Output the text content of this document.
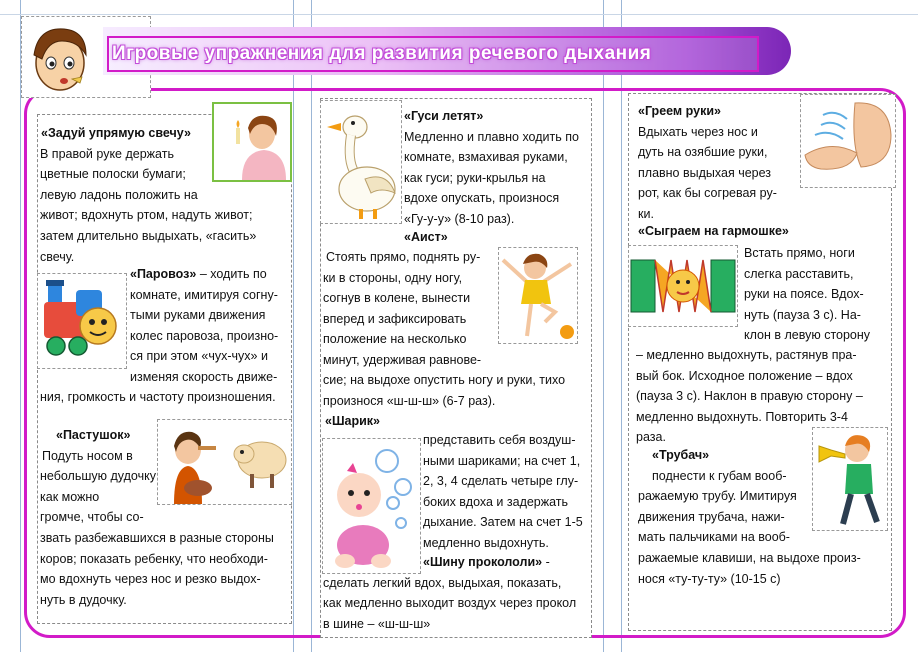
Игровые упражнения для развития речевого дыхания
«Задуй упрямую свечу»
В правой руке держать
цветные полоски бумаги;
левую ладонь положить на
живот; вдохнуть ртом, надуть живот;
затем длительно выдыхать, «гасить»
свечу.
«Паровоз» – ходить по
комнате, имитируя согну-
тыми руками движения
колес паровоза, произно-
ся при этом «чух-чух» и
изменяя скорость движе-
ния, громкость и частоту произношения.
«Пастушок»
Подуть носом в
небольшую дудочку
как можно
громче, чтобы со-
звать разбежавшихся в разные стороны
коров; показать ребенку, что необходи-
мо вдохнуть через нос и резко выдох-
нуть в дудочку.
«Гуси летят»
Медленно и плавно ходить по
комнате, взмахивая руками,
как гуси; руки-крылья на
вдохе опускать, произнося
«Гу-у-у» (8-10 раз).
«Аист»
Стоять прямо, поднять ру-
ки в стороны, одну ногу,
согнув в колене, вынести
вперед и зафиксировать
положение на несколько
минут, удерживая равнове-
сие; на выдохе опустить ногу и руки, тихо
произнося «ш-ш-ш» (6-7 раз).
«Шарик»
представить себя воздуш-
ными шариками; на счет 1,
2, 3, 4 сделать четыре глу-
боких вдоха и задержать
дыхание. Затем на счет 1-5
медленно выдохнуть.
«Шину прокололи» -
сделать легкий вдох, выдыхая, показать,
как медленно выходит воздух через прокол
в шине – «ш-ш-ш»
«Греем руки»
Вдыхать через нос и
дуть на озябшие руки,
плавно выдыхая через
рот, как бы согревая ру-
ки.
«Сыграем на гармошке»
Встать прямо, ноги
слегка расставить,
руки на поясе. Вдох-
нуть (пауза 3 с). На-
клон в левую сторону
– медленно выдохнуть, растянув пра-
вый бок. Исходное положение – вдох
(пауза 3 с). Наклон в правую сторону –
медленно выдохнуть. Повторить 3-4
раза.
«Трубач»
поднести к губам вооб-
ражаемую трубу. Имитируя
движения трубача, нажи-
мать пальчиками на вооб-
ражаемые клавиши, на выдохе произ-
нося «ту-ту-ту» (10-15 с)
